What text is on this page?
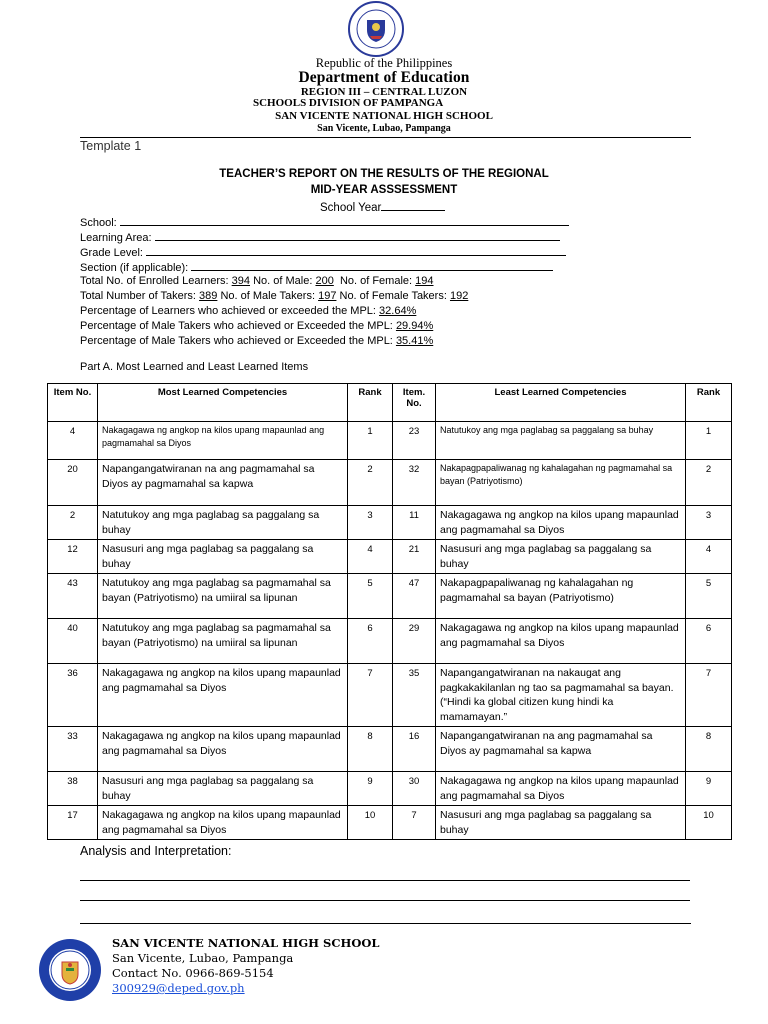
Republic of the Philippines
Department of Education
REGION III – CENTRAL LUZON
SCHOOLS DIVISION OF PAMPANGA
SAN VICENTE NATIONAL HIGH SCHOOL
San Vicente, Lubao, Pampanga
Template 1
TEACHER’S REPORT ON THE RESULTS OF THE REGIONAL
MID-YEAR ASSSESSMENT
School Year
School:
Learning Area:
Grade Level:
Section (if applicable):
Total No. of Enrolled Learners: 394 No. of Male: 200 No. of Female: 194
Total Number of Takers: 389 No. of Male Takers: 197 No. of Female Takers: 192
Percentage of Learners who achieved or exceeded the MPL: 32.64%
Percentage of Male Takers who achieved or Exceeded the MPL: 29.94%
Percentage of Male Takers who achieved or Exceeded the MPL: 35.41%
Part A. Most Learned and Least Learned Items
Item No.	Most Learned Competencies	Rank	Item. No.	Least Learned Competencies	Rank
4	Nakagagawa ng angkop na kilos upang mapaunlad ang pagmamahal sa Diyos	1	23	Natutukoy ang mga paglabag sa paggalang sa buhay	1
20	Napangangatwiranan na ang pagmamahal sa Diyos ay pagmamahal sa kapwa	2	32	Nakapagpapaliwanag ng kahalagahan ng pagmamahal sa bayan (Patriyotismo)	2
2	Natutukoy ang mga paglabag sa paggalang sa buhay	3	11	Nakagagawa ng angkop na kilos upang mapaunlad ang pagmamahal sa Diyos	3
12	Nasusuri ang mga paglabag sa paggalang sa buhay	4	21	Nasusuri ang mga paglabag sa paggalang sa buhay	4
43	Natutukoy ang mga paglabag sa pagmamahal sa bayan (Patriyotismo) na umiiral sa lipunan	5	47	Nakapagpapaliwanag ng kahalagahan ng pagmamahal sa bayan (Patriyotismo)	5
40	Natutukoy ang mga paglabag sa pagmamahal sa bayan (Patriyotismo) na umiiral sa lipunan	6	29	Nakagagawa ng angkop na kilos upang mapaunlad ang pagmamahal sa Diyos	6
36	Nakagagawa ng angkop na kilos upang mapaunlad ang pagmamahal sa Diyos	7	35	Napangangatwiranan na nakaugat ang pagkakakilanlan ng tao sa pagmamahal sa bayan. (“Hindi ka global citizen kung hindi ka mamamayan.”	7
33	Nakagagawa ng angkop na kilos upang mapaunlad ang pagmamahal sa Diyos	8	16	Napangangatwiranan na ang pagmamahal sa Diyos ay pagmamahal sa kapwa	8
38	Nasusuri ang mga paglabag sa paggalang sa buhay	9	30	Nakagagawa ng angkop na kilos upang mapaunlad ang pagmamahal sa Diyos	9
17	Nakagagawa ng angkop na kilos upang mapaunlad ang pagmamahal sa Diyos	10	7	Nasusuri ang mga paglabag sa paggalang sa buhay	10
Analysis and Interpretation:
SAN VICENTE NATIONAL HIGH SCHOOL
San Vicente, Lubao, Pampanga
Contact No. 0966-869-5154
300929@deped.gov.ph
